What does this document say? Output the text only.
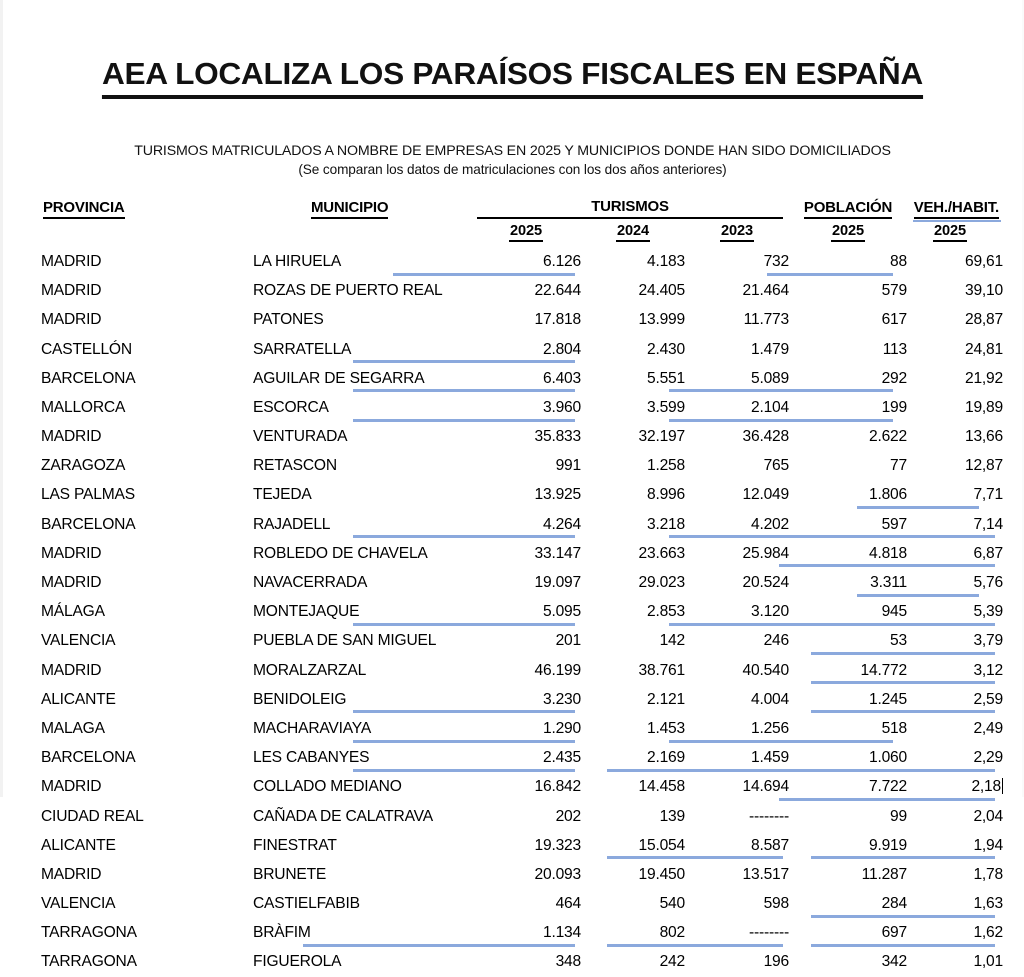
AEA LOCALIZA LOS PARAÍSOS FISCALES EN ESPAÑA
TURISMOS MATRICULADOS A NOMBRE DE EMPRESAS EN 2025 Y MUNICIPIOS DONDE HAN SIDO DOMICILIADOS
(Se comparan los datos de matriculaciones con los dos años anteriores)
PROVINCIA	MUNICIPIO	TURISMOS			POBLACIÓN	VEH./HABIT.

		2025	2024	2023	2025	2025
MADRID	LA HIRUELA	6.126	4.183	732	88	69,61
MADRID	ROZAS DE PUERTO REAL	22.644	24.405	21.464	579	39,10
MADRID	PATONES	17.818	13.999	11.773	617	28,87
CASTELLÓN	SARRATELLA	2.804	2.430	1.479	113	24,81
BARCELONA	AGUILAR DE SEGARRA	6.403	5.551	5.089	292	21,92
MALLORCA	ESCORCA	3.960	3.599	2.104	199	19,89
MADRID	VENTURADA	35.833	32.197	36.428	2.622	13,66
ZARAGOZA	RETASCON	991	1.258	765	77	12,87
LAS PALMAS	TEJEDA	13.925	8.996	12.049	1.806	7,71
BARCELONA	RAJADELL	4.264	3.218	4.202	597	7,14

MADRID	ROBLEDO DE CHAVELA	33.147	23.663	25.984	4.818	6,87

MADRID	NAVACERRADA	19.097	29.023	20.524	3.311	5,76
MÁLAGA	MONTEJAQUE	5.095	2.853	3.120	945	5,39

VALENCIA	PUEBLA DE SAN MIGUEL	201	142	246	53	3,79

MADRID	MORALZARZAL	46.199	38.761	40.540	14.772	3,12

ALICANTE	BENIDOLEIG	3.230	2.121	4.004	1.245	2,59

MALAGA	MACHARAVIAYA	1.290	1.453	1.256	518	2,49
BARCELONA	LES CABANYES	2.435	2.169	1.459	1.060	2,29

MADRID	COLLADO MEDIANO	16.842	14.458	14.694	7.722	2,18

CIUDAD REAL	CAÑADA DE CALATRAVA	202	139	--------	99	2,04
ALICANTE	FINESTRAT	19.323	15.054	8.587	9.919	1,94

MADRID	BRUNETE	20.093	19.450	13.517	11.287	1,78
VALENCIA	CASTIELFABIB	464	540	598	284	1,63

TARRAGONA	BRÀFIM	1.134	802	--------	697	1,62

TARRAGONA	FIGUEROLA	348	242	196	342	1,01
